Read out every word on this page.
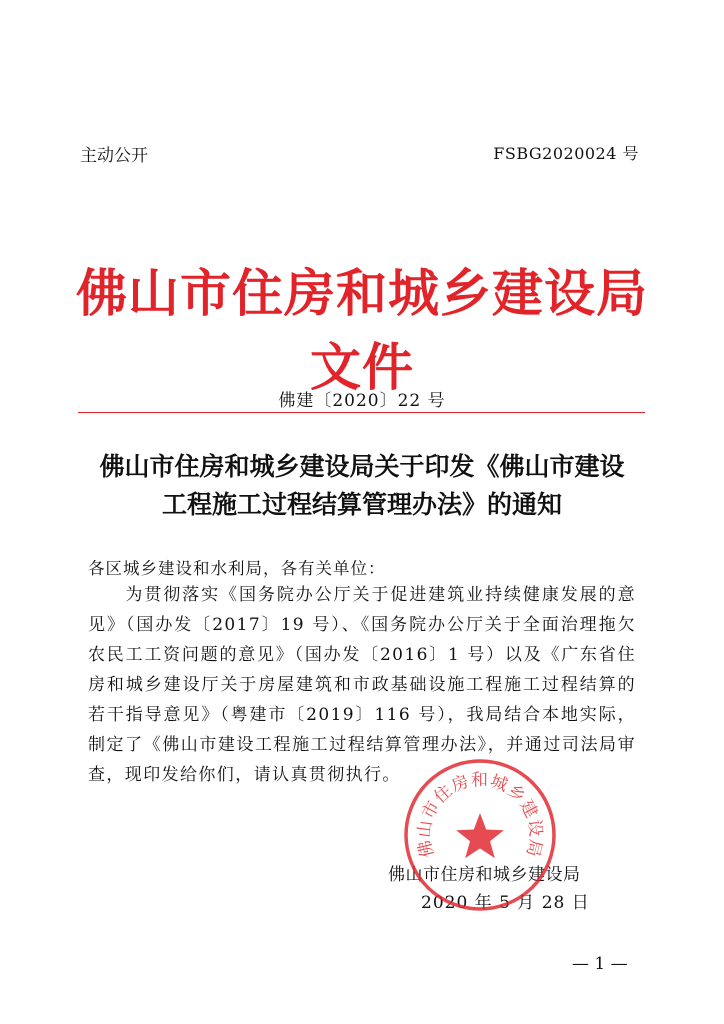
主动公开	FSBG2020024 号
佛山市住房和城乡建设局文件
佛建〔2020〕22 号
佛山市住房和城乡建设局关于印发《佛山市建设
工程施工过程结算管理办法》的通知
各区城乡建设和水利局，各有关单位：
为贯彻落实《国务院办公厅关于促进建筑业持续健康发展的意见》（国办发〔2017〕19 号）、《国务院办公厅关于全面治理拖欠农民工工资问题的意见》（国办发〔2016〕1 号）以及《广东省住房和城乡建设厅关于房屋建筑和市政基础设施工程施工过程结算的若干指导意见》（粤建市〔2019〕116 号），我局结合本地实际，制定了《佛山市建设工程施工过程结算管理办法》，并通过司法局审查，现印发给你们，请认真贯彻执行。
佛山市住房和城乡建设局
2020 年 5 月 28 日
佛山市住房和城乡建设局
— 1 —
